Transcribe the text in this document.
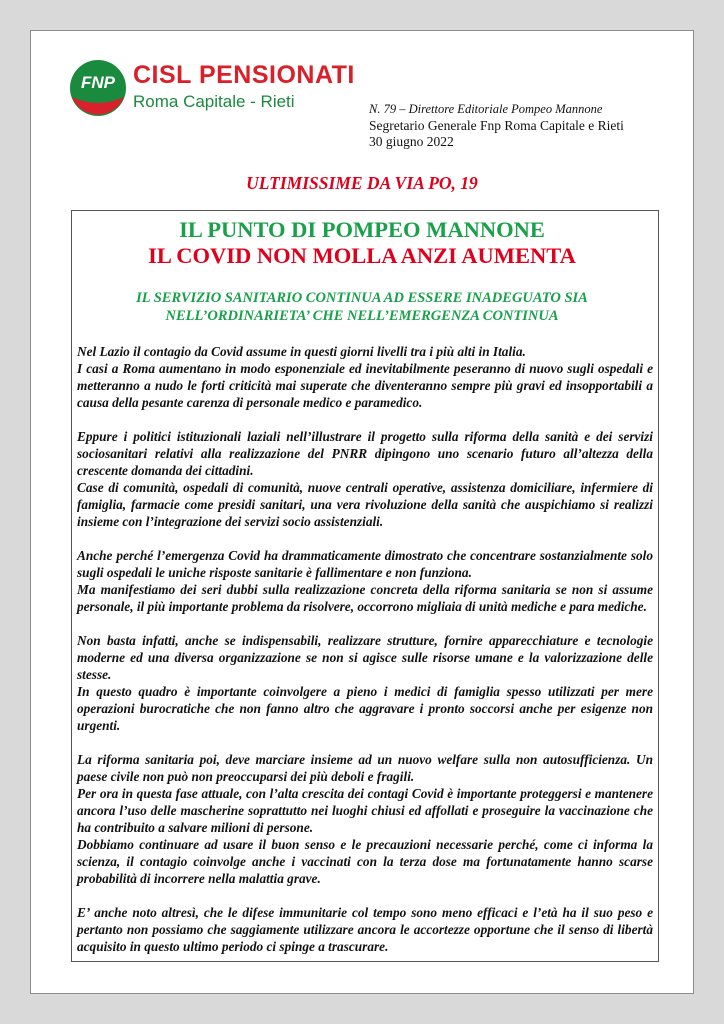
FNP CISL PENSIONATI
Roma Capitale - Rieti	N. 79 – Direttore Editoriale Pompeo Mannone
Segretario Generale Fnp Roma Capitale e Rieti
30 giugno 2022
ULTIMISSIME DA VIA PO, 19
IL PUNTO DI POMPEO MANNONE
IL COVID NON MOLLA ANZI AUMENTA
IL SERVIZIO SANITARIO CONTINUA AD ESSERE INADEGUATO SIA NELL’ORDINARIETA’ CHE NELL’EMERGENZA CONTINUA

Nel Lazio il contagio da Covid assume in questi giorni livelli tra i più alti in Italia.

I casi a Roma aumentano in modo esponenziale ed inevitabilmente peseranno di nuovo sugli ospedali e metteranno a nudo le forti criticità mai superate che diventeranno sempre più gravi ed insopportabili a causa della pesante carenza di personale medico e paramedico.

Eppure i politici istituzionali laziali nell’illustrare il progetto sulla riforma della sanità e dei servizi sociosanitari relativi alla realizzazione del PNRR dipingono uno scenario futuro all’altezza della crescente domanda dei cittadini.

Case di comunità, ospedali di comunità, nuove centrali operative, assistenza domiciliare, infermiere di famiglia, farmacie come presidi sanitari, una vera rivoluzione della sanità che auspichiamo si realizzi insieme con l’integrazione dei servizi socio assistenziali.

Anche perché l’emergenza Covid ha drammaticamente dimostrato che concentrare sostanzialmente solo sugli ospedali le uniche risposte sanitarie è fallimentare e non funziona.

Ma manifestiamo dei seri dubbi sulla realizzazione concreta della riforma sanitaria se non si assume personale, il più importante problema da risolvere, occorrono migliaia di unità mediche e para mediche.

Non basta infatti, anche se indispensabili, realizzare strutture, fornire apparecchiature e tecnologie moderne ed una diversa organizzazione se non si agisce sulle risorse umane e la valorizzazione delle stesse.

In questo quadro è importante coinvolgere a pieno i medici di famiglia spesso utilizzati per mere operazioni burocratiche che non fanno altro che aggravare i pronto soccorsi anche per esigenze non urgenti.

La riforma sanitaria poi, deve marciare insieme ad un nuovo welfare sulla non autosufficienza. Un paese civile non può non preoccuparsi dei più deboli e fragili.

Per ora in questa fase attuale, con l’alta crescita dei contagi Covid è importante proteggersi e mantenere ancora l’uso delle mascherine soprattutto nei luoghi chiusi ed affollati e proseguire la vaccinazione che ha contribuito a salvare milioni di persone.

Dobbiamo continuare ad usare il buon senso e le precauzioni necessarie perché, come ci informa la scienza, il contagio coinvolge anche i vaccinati con la terza dose ma fortunatamente hanno scarse probabilità di incorrere nella malattia grave.

E’ anche noto altresì, che le difese immunitarie col tempo sono meno efficaci e l’età ha il suo peso e pertanto non possiamo che saggiamente utilizzare ancora le accortezze opportune che il senso di libertà acquisito in questo ultimo periodo ci spinge a trascurare.
